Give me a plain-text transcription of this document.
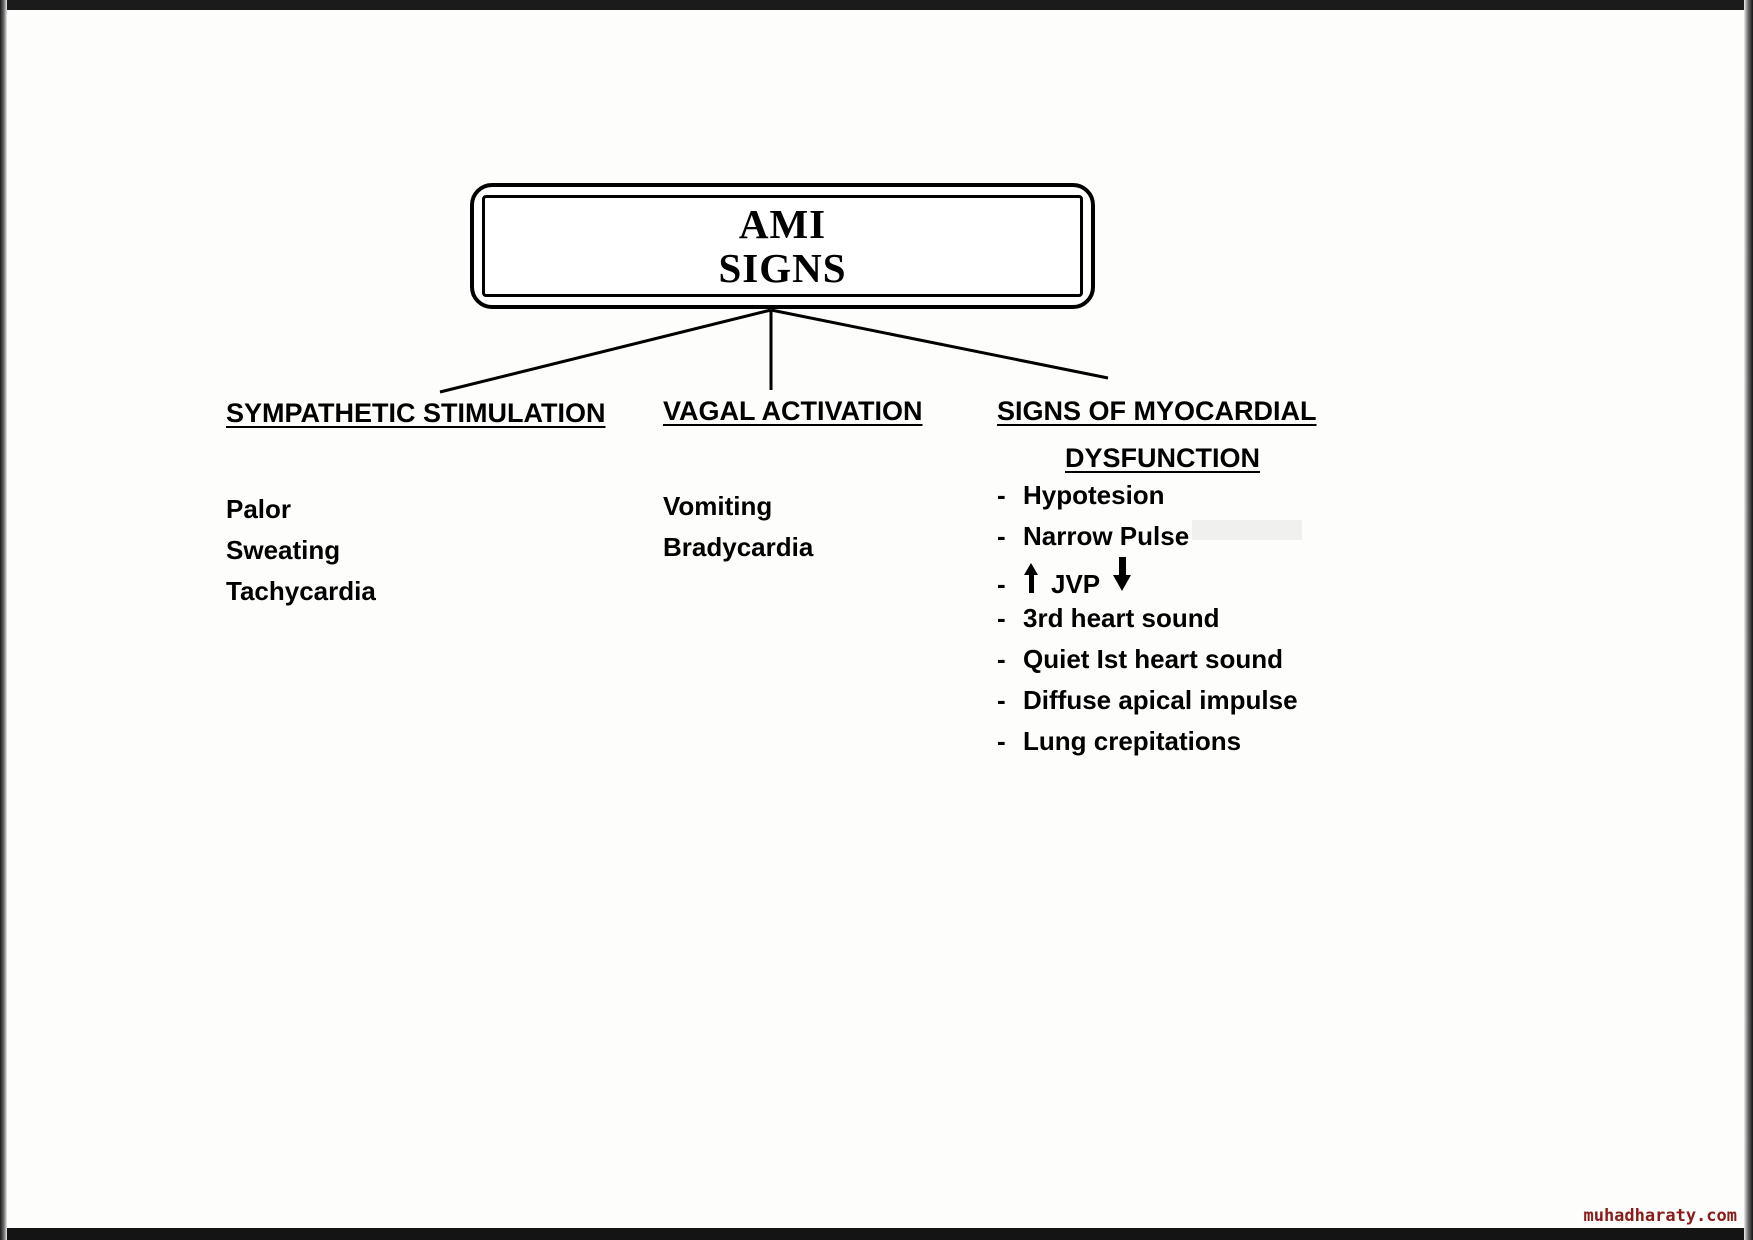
AMI
SIGNS
SYMPATHETIC STIMULATION
Palor
Sweating
Tachycardia
VAGAL ACTIVATION
Vomiting
Bradycardia
SIGNS OF MYOCARDIAL
DYSFUNCTION
- Hypotesion
- Narrow Pulse
- JVP
- 3rd heart sound
- Quiet Ist heart sound
- Diffuse apical impulse
- Lung crepitations
muhadharaty.com
